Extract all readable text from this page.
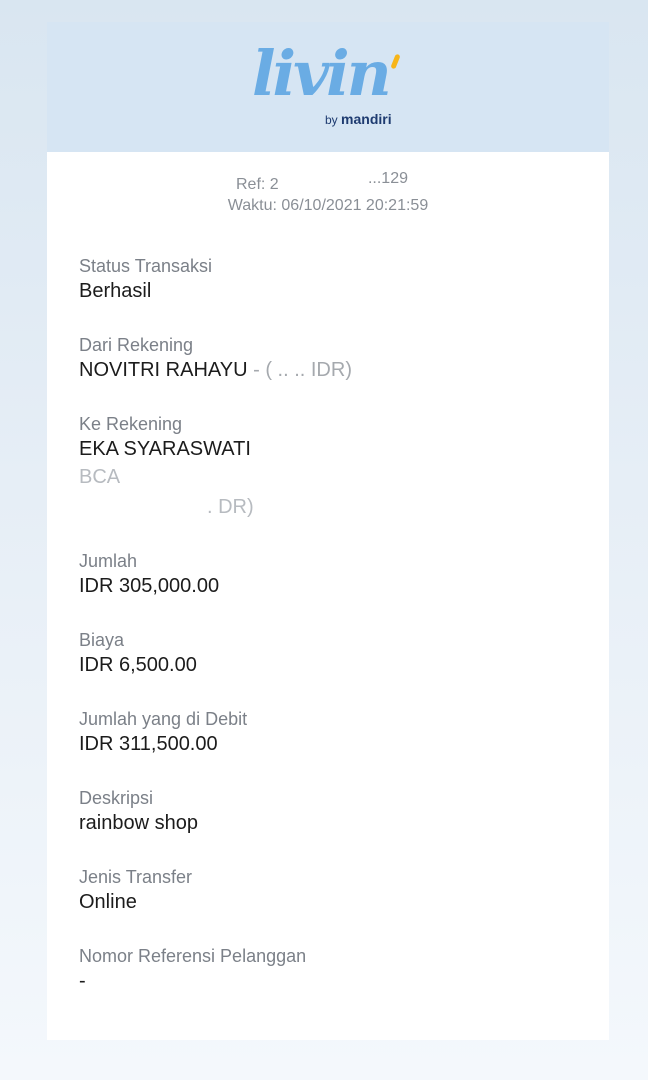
livin
by mandiri
Ref: 2	...129
Waktu: 06/10/2021 20:21:59
Status Transaksi
Berhasil
Dari Rekening
NOVITRI RAHAYU - ( .. .. IDR)
Ke Rekening
EKA SYARASWATI
BCA
. DR)
Jumlah
IDR 305,000.00
Biaya
IDR 6,500.00
Jumlah yang di Debit
IDR 311,500.00
Deskripsi
rainbow shop
Jenis Transfer
Online
Nomor Referensi Pelanggan
-
